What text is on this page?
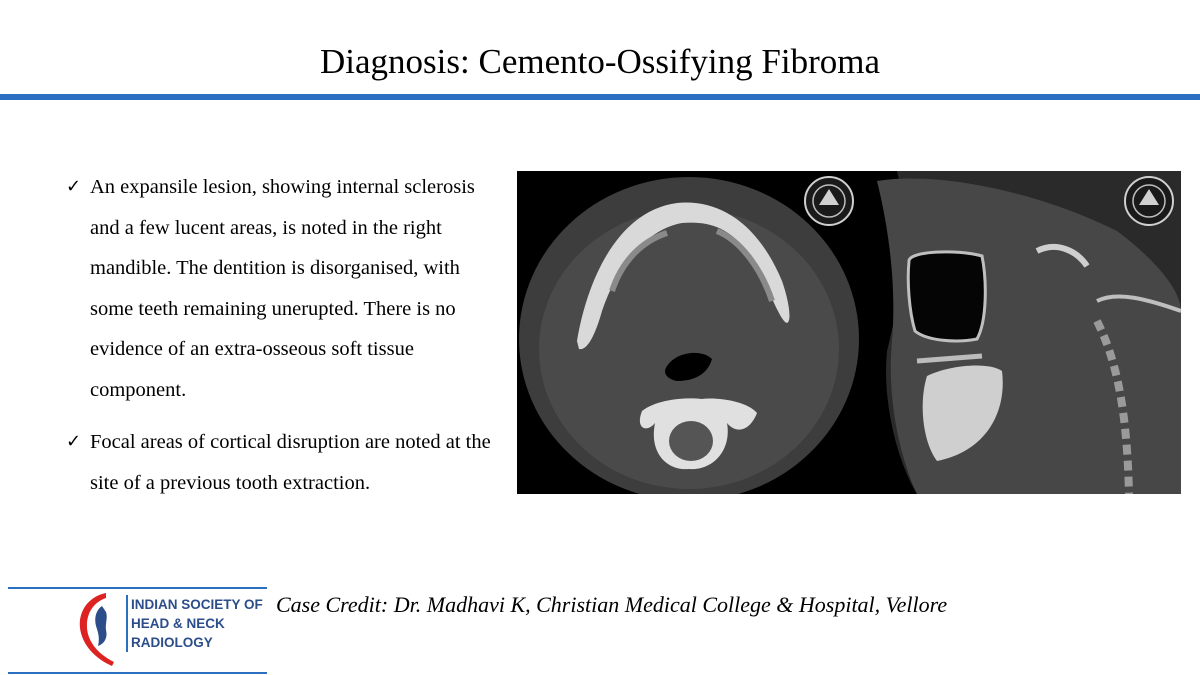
Diagnosis: Cemento-Ossifying Fibroma
✓ An expansile lesion, showing internal sclerosis and a few lucent areas, is noted in the right mandible. The dentition is disorganised, with some teeth remaining unerupted. There is no evidence of an extra-osseous soft tissue component.
✓ Focal areas of cortical disruption are noted at the site of a previous tooth extraction.
INDIAN SOCIETY OF
HEAD & NECK
RADIOLOGY
Case Credit: Dr. Madhavi K, Christian Medical College & Hospital, Vellore
